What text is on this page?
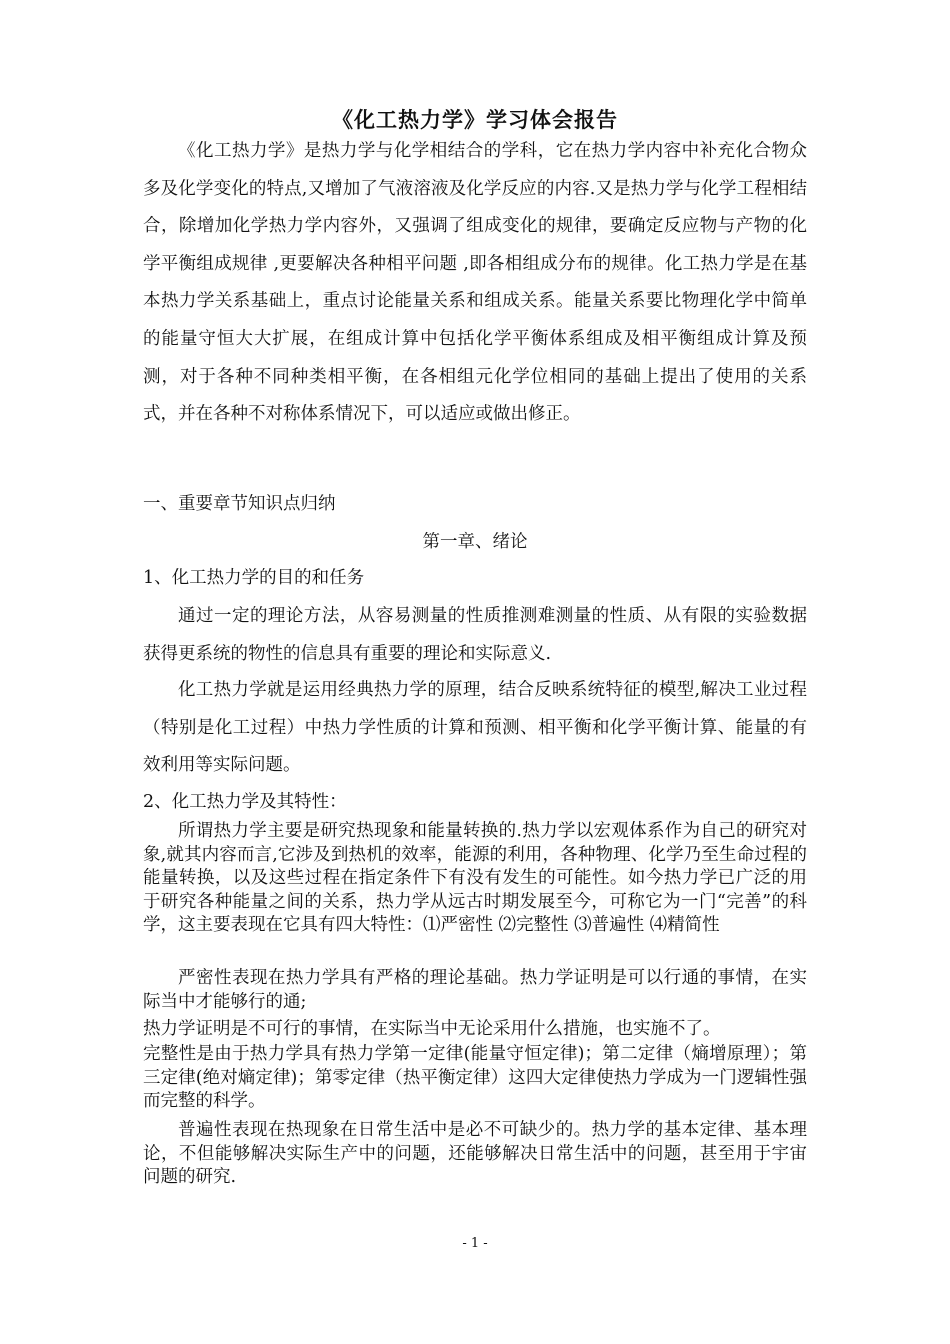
《化工热力学》学习体会报告

《化工热力学》是热力学与化学相结合的学科，它在热力学内容中补充化合物众多及化学变化的特点,又增加了气液溶液及化学反应的内容.又是热力学与化学工程相结合，除增加化学热力学内容外，又强调了组成变化的规律，要确定反应物与产物的化学平衡组成规律 ,更要解决各种相平问题 ,即各相组成分布的规律。化工热力学是在基本热力学关系基础上，重点讨论能量关系和组成关系。能量关系要比物理化学中简单的能量守恒大大扩展，在组成计算中包括化学平衡体系组成及相平衡组成计算及预测，对于各种不同种类相平衡，在各相组元化学位相同的基础上提出了使用的关系式，并在各种不对称体系情况下，可以适应或做出修正。

一、重要章节知识点归纳
第一章、绪论
1、化工热力学的目的和任务

通过一定的理论方法，从容易测量的性质推测难测量的性质、从有限的实验数据获得更系统的物性的信息具有重要的理论和实际意义.

化工热力学就是运用经典热力学的原理，结合反映系统特征的模型,解决工业过程（特别是化工过程）中热力学性质的计算和预测、相平衡和化学平衡计算、能量的有效利用等实际问题。

2、化工热力学及其特性：

所谓热力学主要是研究热现象和能量转换的.热力学以宏观体系作为自己的研究对象,就其内容而言,它涉及到热机的效率，能源的利用，各种物理、化学乃至生命过程的能量转换，以及这些过程在指定条件下有没有发生的可能性。如今热力学已广泛的用于研究各种能量之间的关系，热力学从远古时期发展至今，可称它为一门“完善”的科学，这主要表现在它具有四大特性：⑴严密性 ⑵完整性 ⑶普遍性 ⑷精简性

严密性表现在热力学具有严格的理论基础。热力学证明是可以行通的事情，在实际当中才能够行的通;

热力学证明是不可行的事情，在实际当中无论采用什么措施，也实施不了。

完整性是由于热力学具有热力学第一定律(能量守恒定律)；第二定律（熵增原理）；第三定律(绝对熵定律)；第零定律（热平衡定律）这四大定律使热力学成为一门逻辑性强而完整的科学。

普遍性表现在热现象在日常生活中是必不可缺少的。热力学的基本定律、基本理论，不但能够解决实际生产中的问题，还能够解决日常生活中的问题，甚至用于宇宙问题的研究.

- 1 -
